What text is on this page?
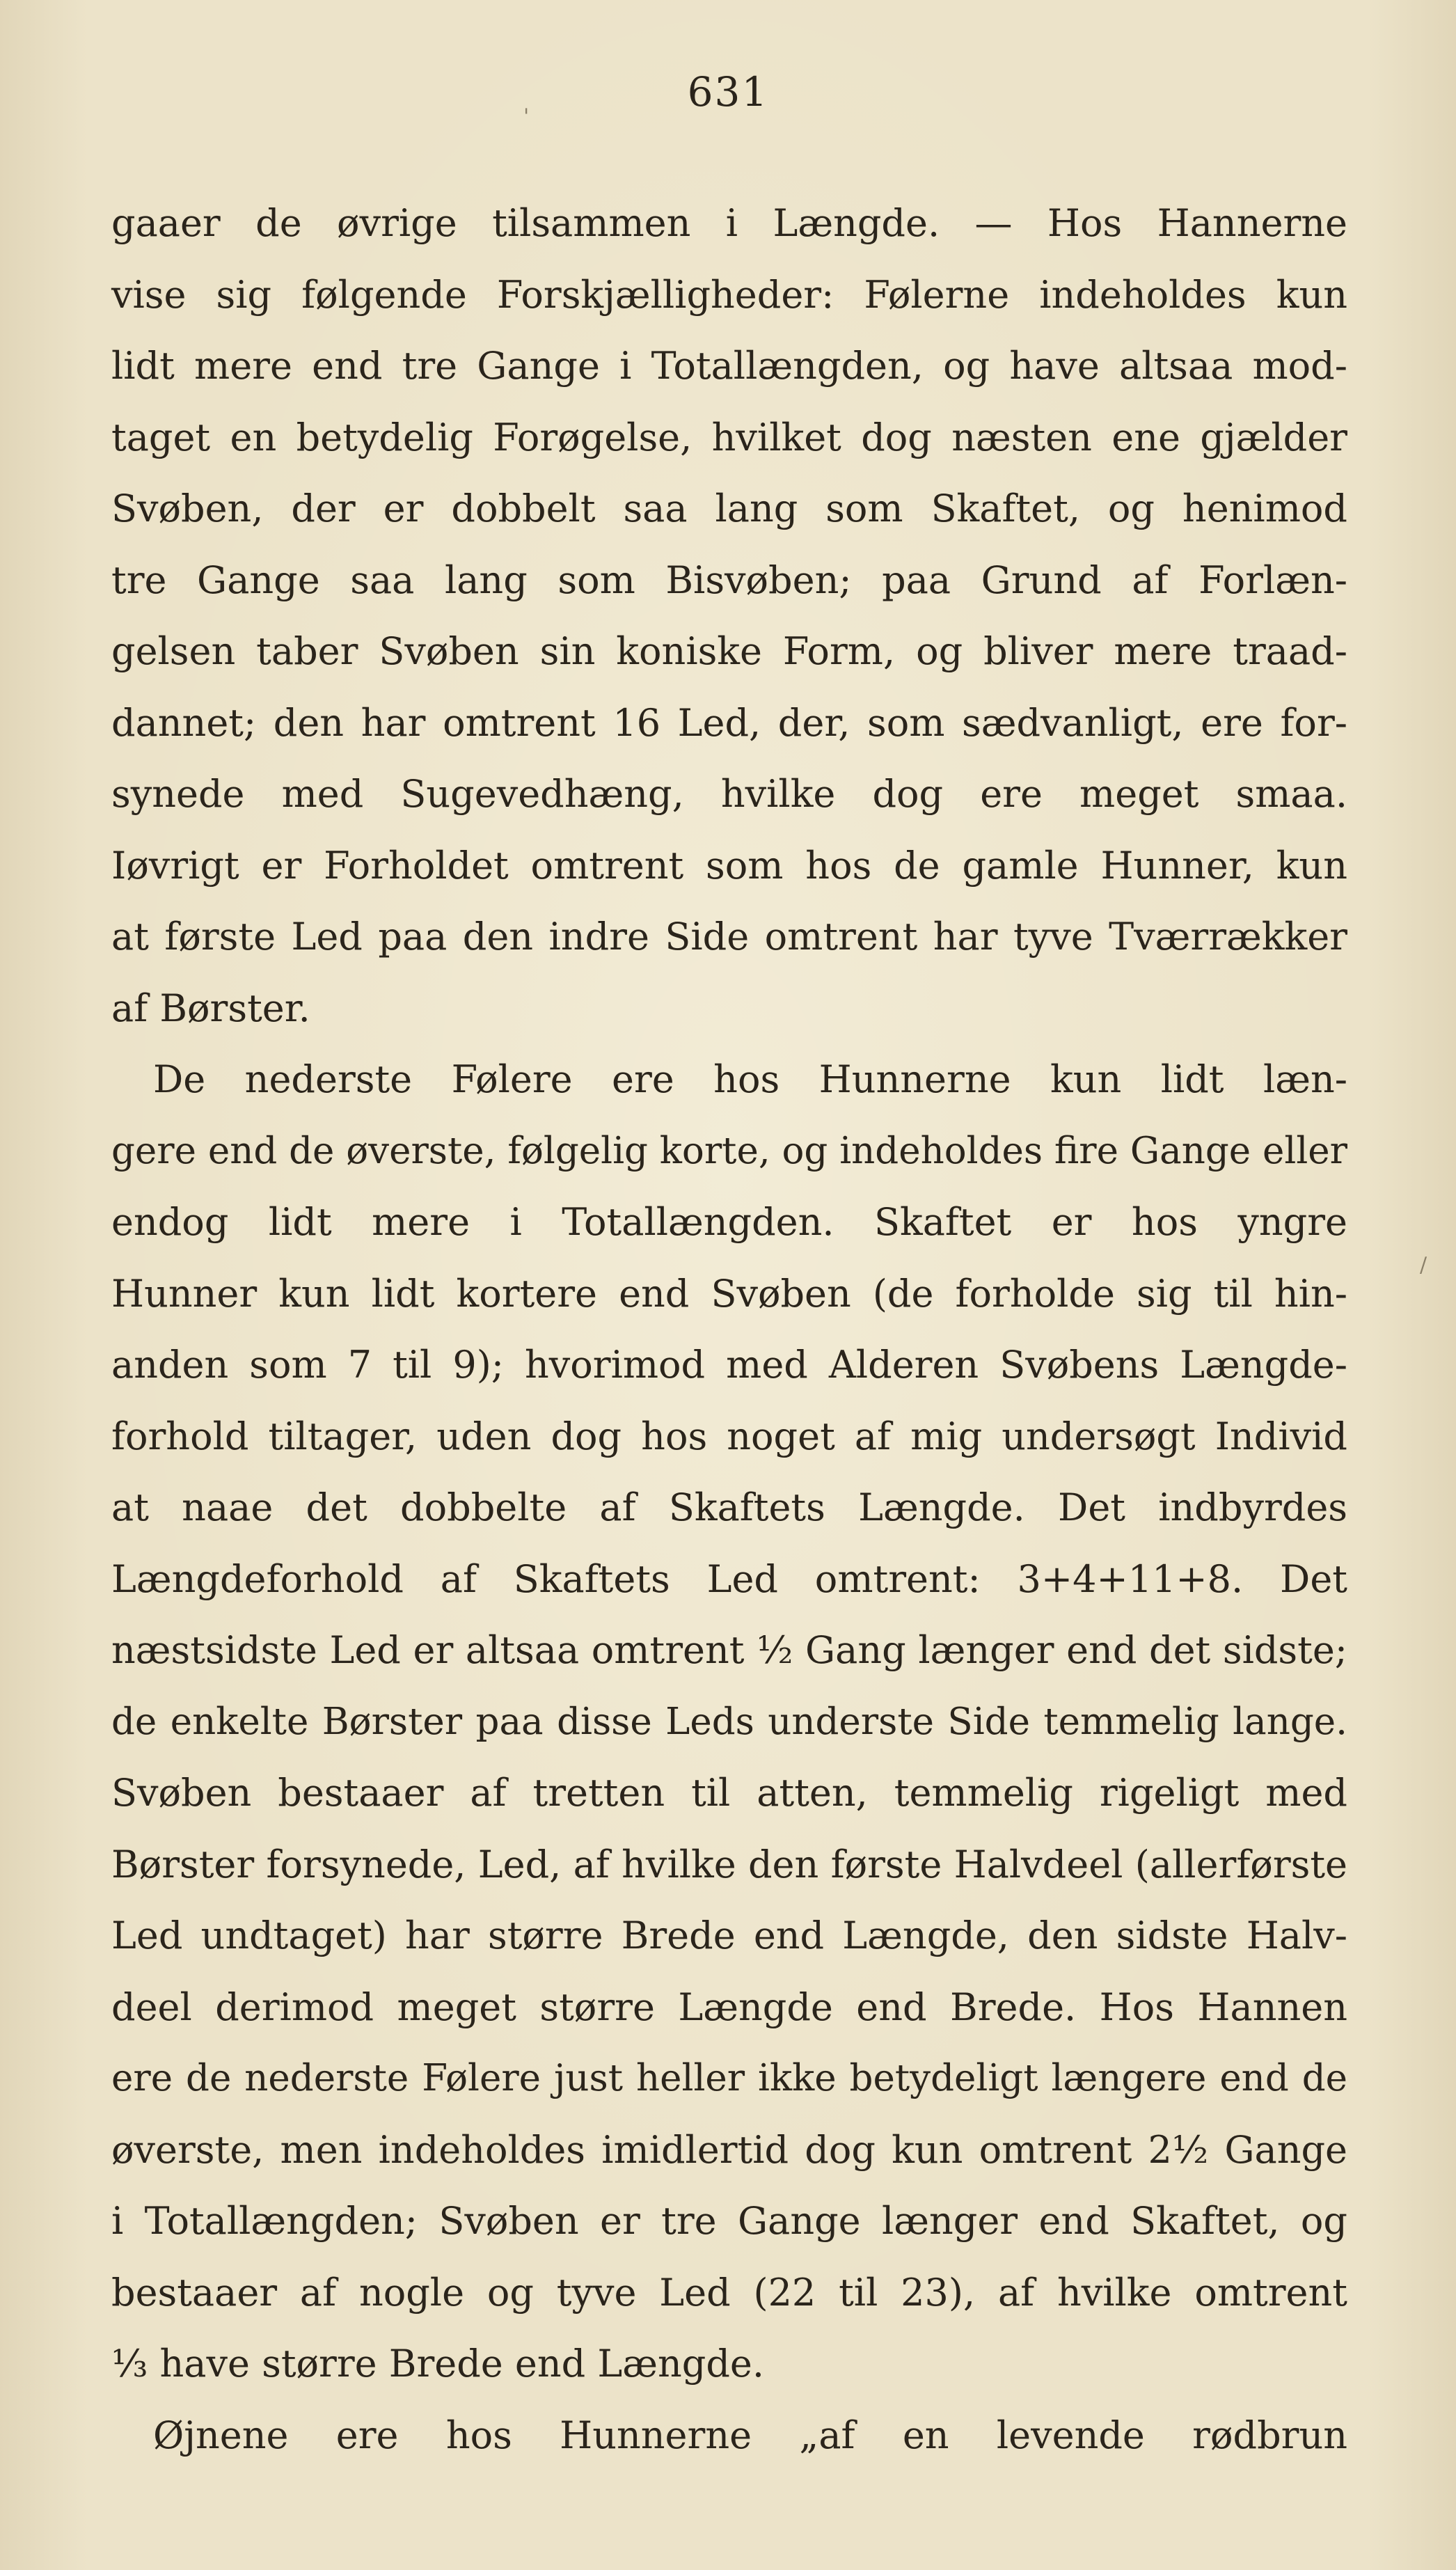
631
'
/
gaaer de øvrige tilsammen i Længde. — Hos Hannerne
vise sig følgende Forskjælligheder: Følerne indeholdes kun
lidt mere end tre Gange i Totallængden, og have altsaa mod-
taget en betydelig Forøgelse, hvilket dog næsten ene gjælder
Svøben, der er dobbelt saa lang som Skaftet, og henimod
tre Gange saa lang som Bisvøben; paa Grund af Forlæn-
gelsen taber Svøben sin koniske Form, og bliver mere traad-
dannet; den har omtrent 16 Led, der, som sædvanligt, ere for-
synede med Sugevedhæng, hvilke dog ere meget smaa.
Iøvrigt er Forholdet omtrent som hos de gamle Hunner, kun
at første Led paa den indre Side omtrent har tyve Tværrækker
af Børster.
De nederste Følere ere hos Hunnerne kun lidt læn-
gere end de øverste, følgelig korte, og indeholdes fire Gange eller
endog lidt mere i Totallængden. Skaftet er hos yngre
Hunner kun lidt kortere end Svøben (de forholde sig til hin-
anden som 7 til 9); hvorimod med Alderen Svøbens Længde-
forhold tiltager, uden dog hos noget af mig undersøgt Individ
at naae det dobbelte af Skaftets Længde. Det indbyrdes
Længdeforhold af Skaftets Led omtrent: 3+4+11+8. Det
næstsidste Led er altsaa omtrent ½ Gang længer end det sidste;
de enkelte Børster paa disse Leds underste Side temmelig lange.
Svøben bestaaer af tretten til atten, temmelig rigeligt med
Børster forsynede, Led, af hvilke den første Halvdeel (allerførste
Led undtaget) har større Brede end Længde, den sidste Halv-
deel derimod meget større Længde end Brede. Hos Hannen
ere de nederste Følere just heller ikke betydeligt længere end de
øverste, men indeholdes imidlertid dog kun omtrent 2½ Gange
i Totallængden; Svøben er tre Gange længer end Skaftet, og
bestaaer af nogle og tyve Led (22 til 23), af hvilke omtrent
⅓ have større Brede end Længde.
Øjnene ere hos Hunnerne „af en levende rødbrun
